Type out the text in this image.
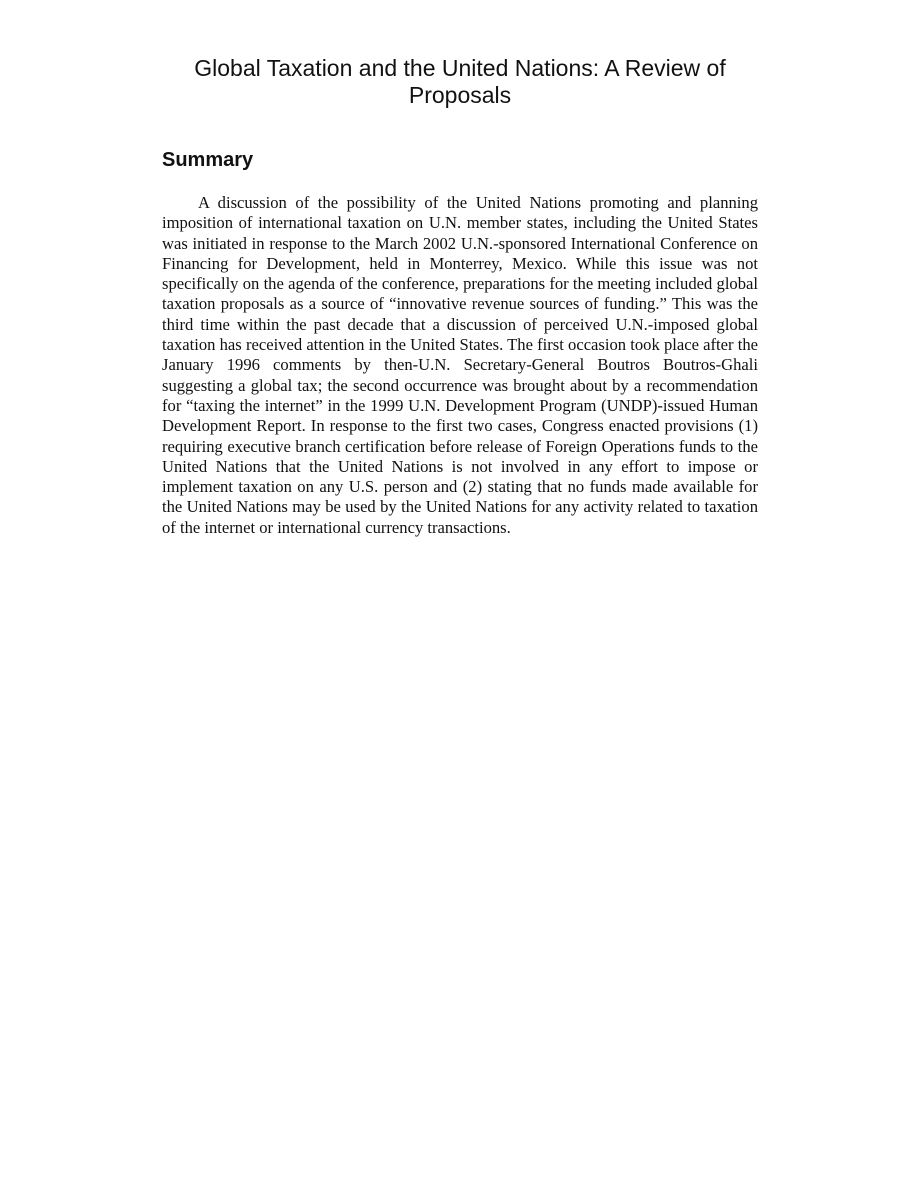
Global Taxation and the United Nations: A Review of Proposals
Summary

A discussion of the possibility of the United Nations promoting and planning imposition of international taxation on U.N. member states, including the United States was initiated in response to the March 2002 U.N.-sponsored International Conference on Financing for Development, held in Monterrey, Mexico. While this issue was not specifically on the agenda of the conference, preparations for the meeting included global taxation proposals as a source of “innovative revenue sources of funding.” This was the third time within the past decade that a discussion of perceived U.N.-imposed global taxation has received attention in the United States. The first occasion took place after the January 1996 comments by then-U.N. Secretary-General Boutros Boutros-Ghali suggesting a global tax; the second occurrence was brought about by a recommendation for “taxing the internet” in the 1999 U.N. Development Program (UNDP)-issued Human Development Report. In response to the first two cases, Congress enacted provisions (1) requiring executive branch certification before release of Foreign Operations funds to the United Nations that the United Nations is not involved in any effort to impose or implement taxation on any U.S. person and (2) stating that no funds made available for the United Nations may be used by the United Nations for any activity related to taxation of the internet or international currency transactions.
